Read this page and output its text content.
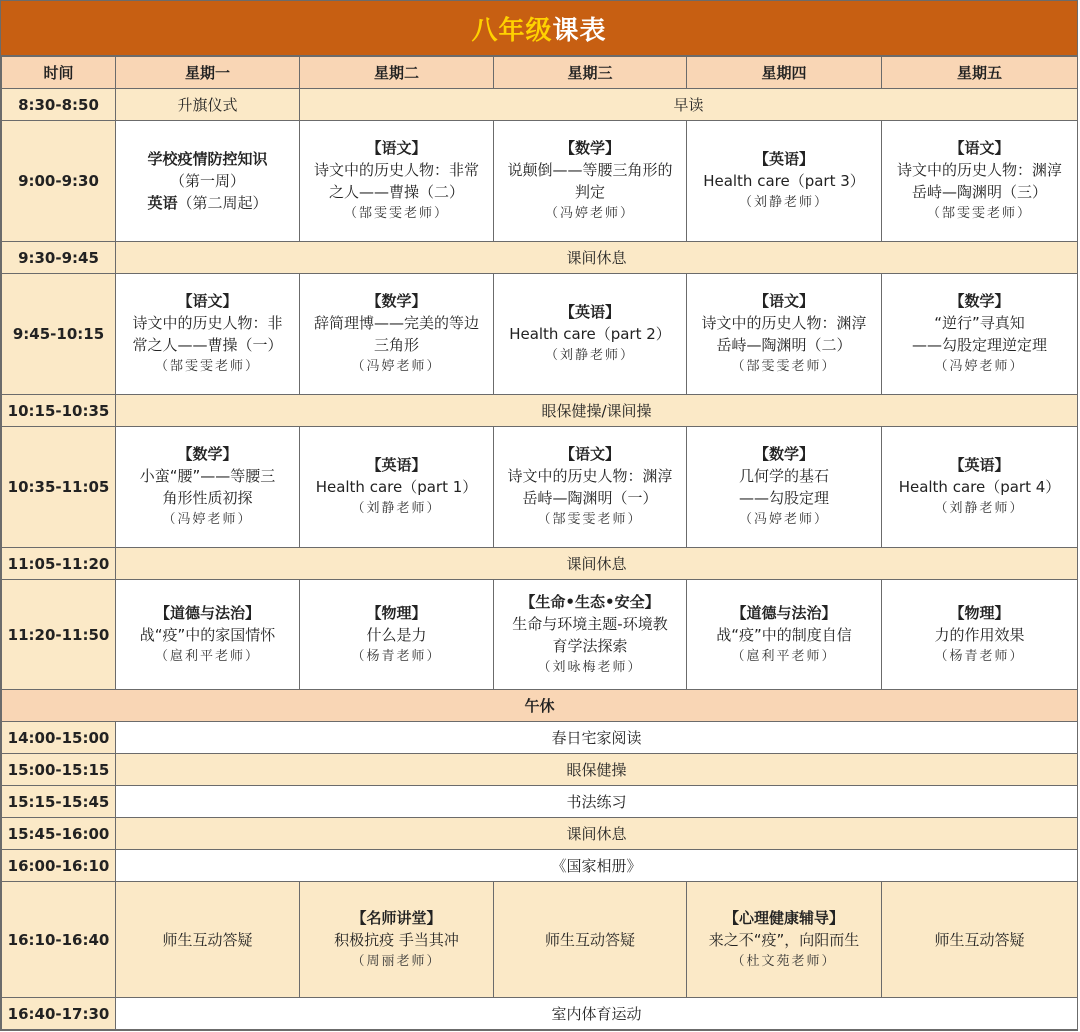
八年级课表
时间	星期一	星期二	星期三	星期四	星期五
8:30-8:50	升旗仪式	早读			
9:00-9:30	学校疫情防控知识
（第一周）
英语（第二周起）	【语文】
诗文中的历史人物：非常
之人——曹操（二）
（郜雯雯老师）	【数学】
说颠倒——等腰三角形的
判定
（冯婷老师）	【英语】
Health care（part 3）
（刘静老师）	【语文】
诗文中的历史人物：渊淳
岳峙—陶渊明（三）
（郜雯雯老师）

9:30-9:45	课间休息				
9:45-10:15	【语文】
诗文中的历史人物：非
常之人——曹操（一）
（郜雯雯老师）	【数学】
辞简理博——完美的等边
三角形
（冯婷老师）	【英语】
Health care（part 2）
（刘静老师）	【语文】
诗文中的历史人物：渊淳
岳峙—陶渊明（二）
（郜雯雯老师）	【数学】
“逆行”寻真知
——勾股定理逆定理
（冯婷老师）

10:15-10:35	眼保健操/课间操				
10:35-11:05	【数学】
小蛮“腰”——等腰三
角形性质初探
（冯婷老师）	【英语】
Health care（part 1）
（刘静老师）	【语文】
诗文中的历史人物：渊淳
岳峙—陶渊明（一）
（郜雯雯老师）	【数学】
几何学的基石
——勾股定理
（冯婷老师）	【英语】
Health care（part 4）
（刘静老师）

11:05-11:20	课间休息				
11:20-11:50	【道德与法治】
战“疫”中的家国情怀
（扈利平老师）	【物理】
什么是力
（杨青老师）	【生命•生态•安全】
生命与环境主题-环境教
育学法探索
（刘咏梅老师）	【道德与法治】
战“疫”中的制度自信
（扈利平老师）	【物理】
力的作用效果
（杨青老师）

午休					
14:00-15:00	春日宅家阅读				
15:00-15:15	眼保健操				
15:15-15:45	书法练习				
15:45-16:00	课间休息				
16:00-16:10	《国家相册》				
16:10-16:40	师生互动答疑	【名师讲堂】
积极抗疫 手当其冲
（周丽老师）	师生互动答疑	【心理健康辅导】
来之不“疫”，向阳而生
（杜文苑老师）	师生互动答疑
16:40-17:30	室内体育运动				
